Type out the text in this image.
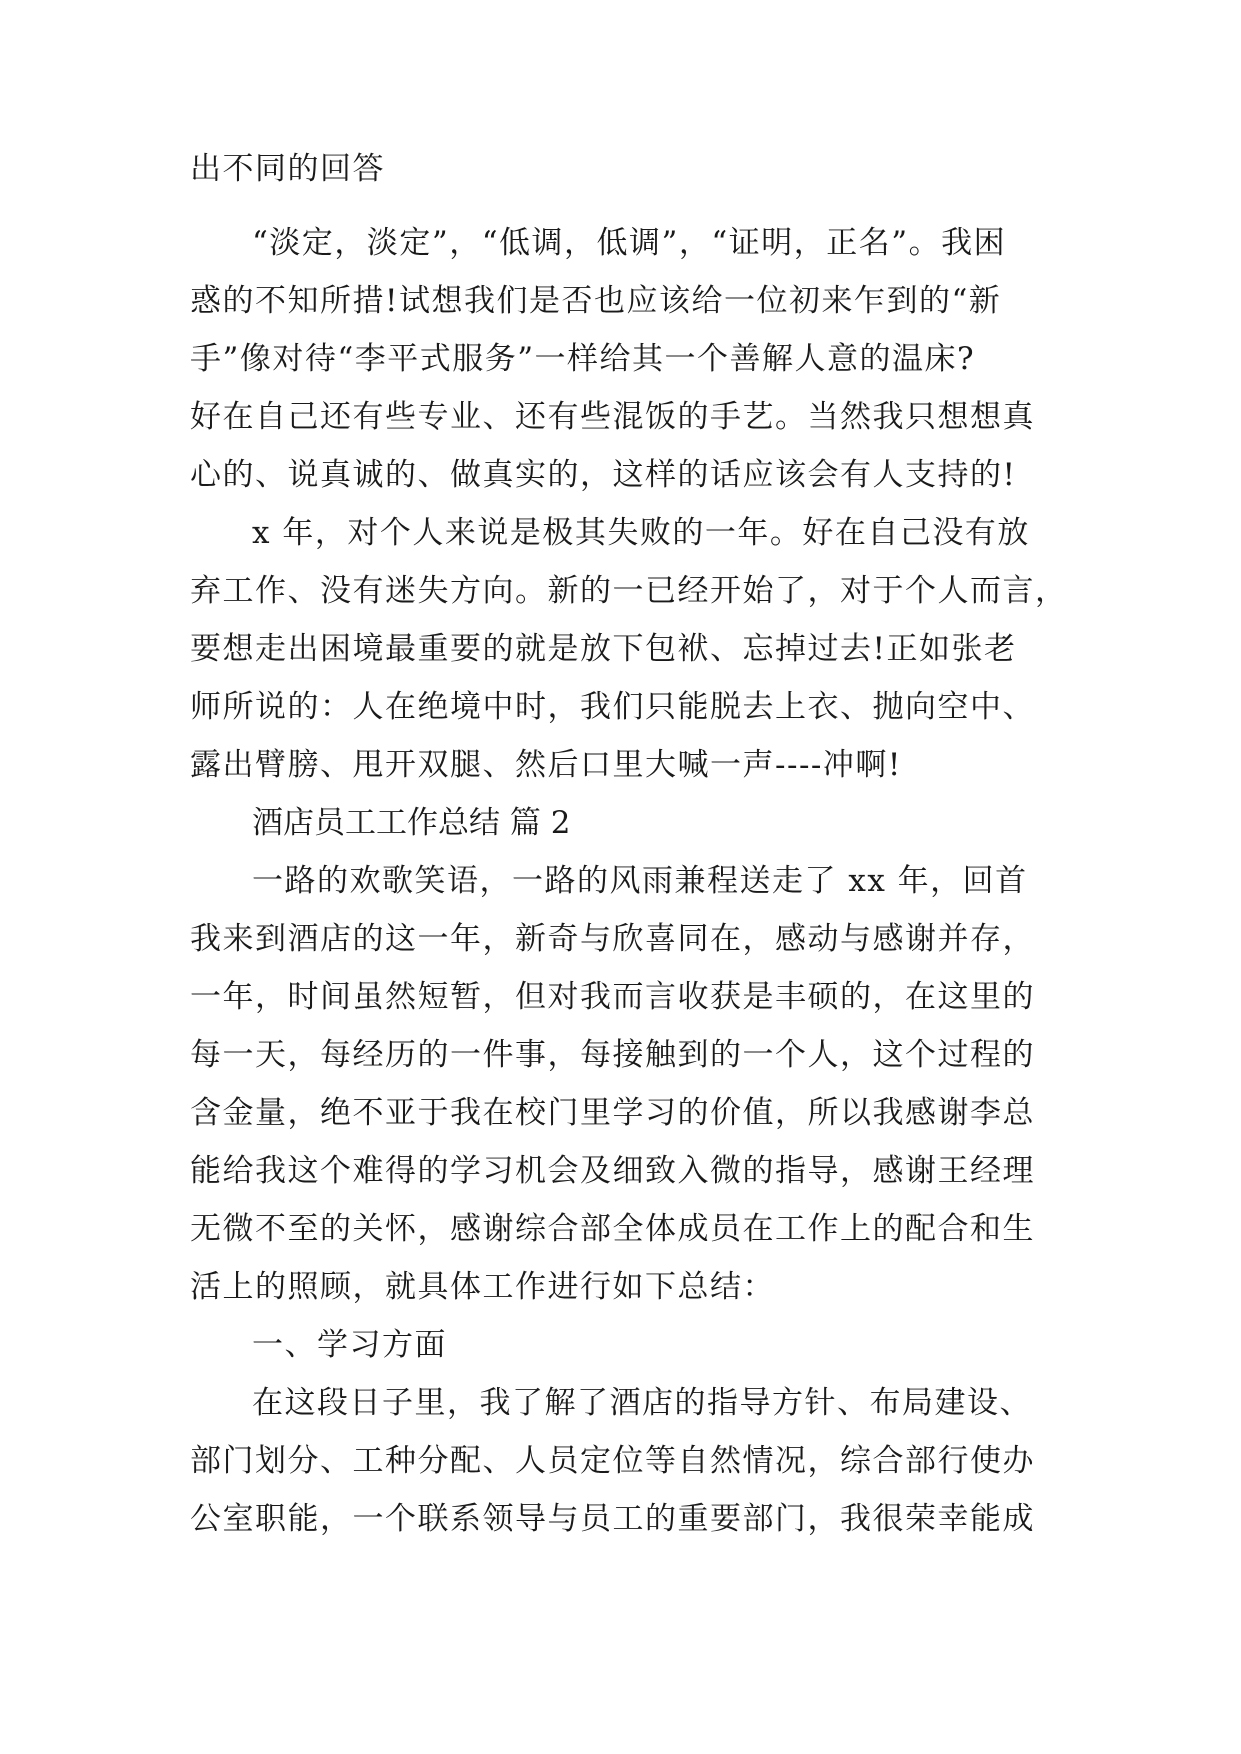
出不同的回答
“淡定，淡定”，“低调，低调”，“证明，正名”。我困
惑的不知所措!试想我们是否也应该给一位初来乍到的“新
手”像对待“李平式服务”一样给其一个善解人意的温床?
好在自己还有些专业、还有些混饭的手艺。当然我只想想真
心的、说真诚的、做真实的，这样的话应该会有人支持的!
x 年，对个人来说是极其失败的一年。好在自己没有放
弃工作、没有迷失方向。新的一已经开始了，对于个人而言，
要想走出困境最重要的就是放下包袱、忘掉过去!正如张老
师所说的：人在绝境中时，我们只能脱去上衣、抛向空中、
露出臂膀、甩开双腿、然后口里大喊一声----冲啊!
酒店员工工作总结 篇 2
一路的欢歌笑语，一路的风雨兼程送走了 xx 年，回首
我来到酒店的这一年，新奇与欣喜同在，感动与感谢并存，
一年，时间虽然短暂，但对我而言收获是丰硕的，在这里的
每一天，每经历的一件事，每接触到的一个人，这个过程的
含金量，绝不亚于我在校门里学习的价值，所以我感谢李总
能给我这个难得的学习机会及细致入微的指导，感谢王经理
无微不至的关怀，感谢综合部全体成员在工作上的配合和生
活上的照顾，就具体工作进行如下总结：
一、学习方面
在这段日子里，我了解了酒店的指导方针、布局建设、
部门划分、工种分配、人员定位等自然情况，综合部行使办
公室职能，一个联系领导与员工的重要部门，我很荣幸能成
